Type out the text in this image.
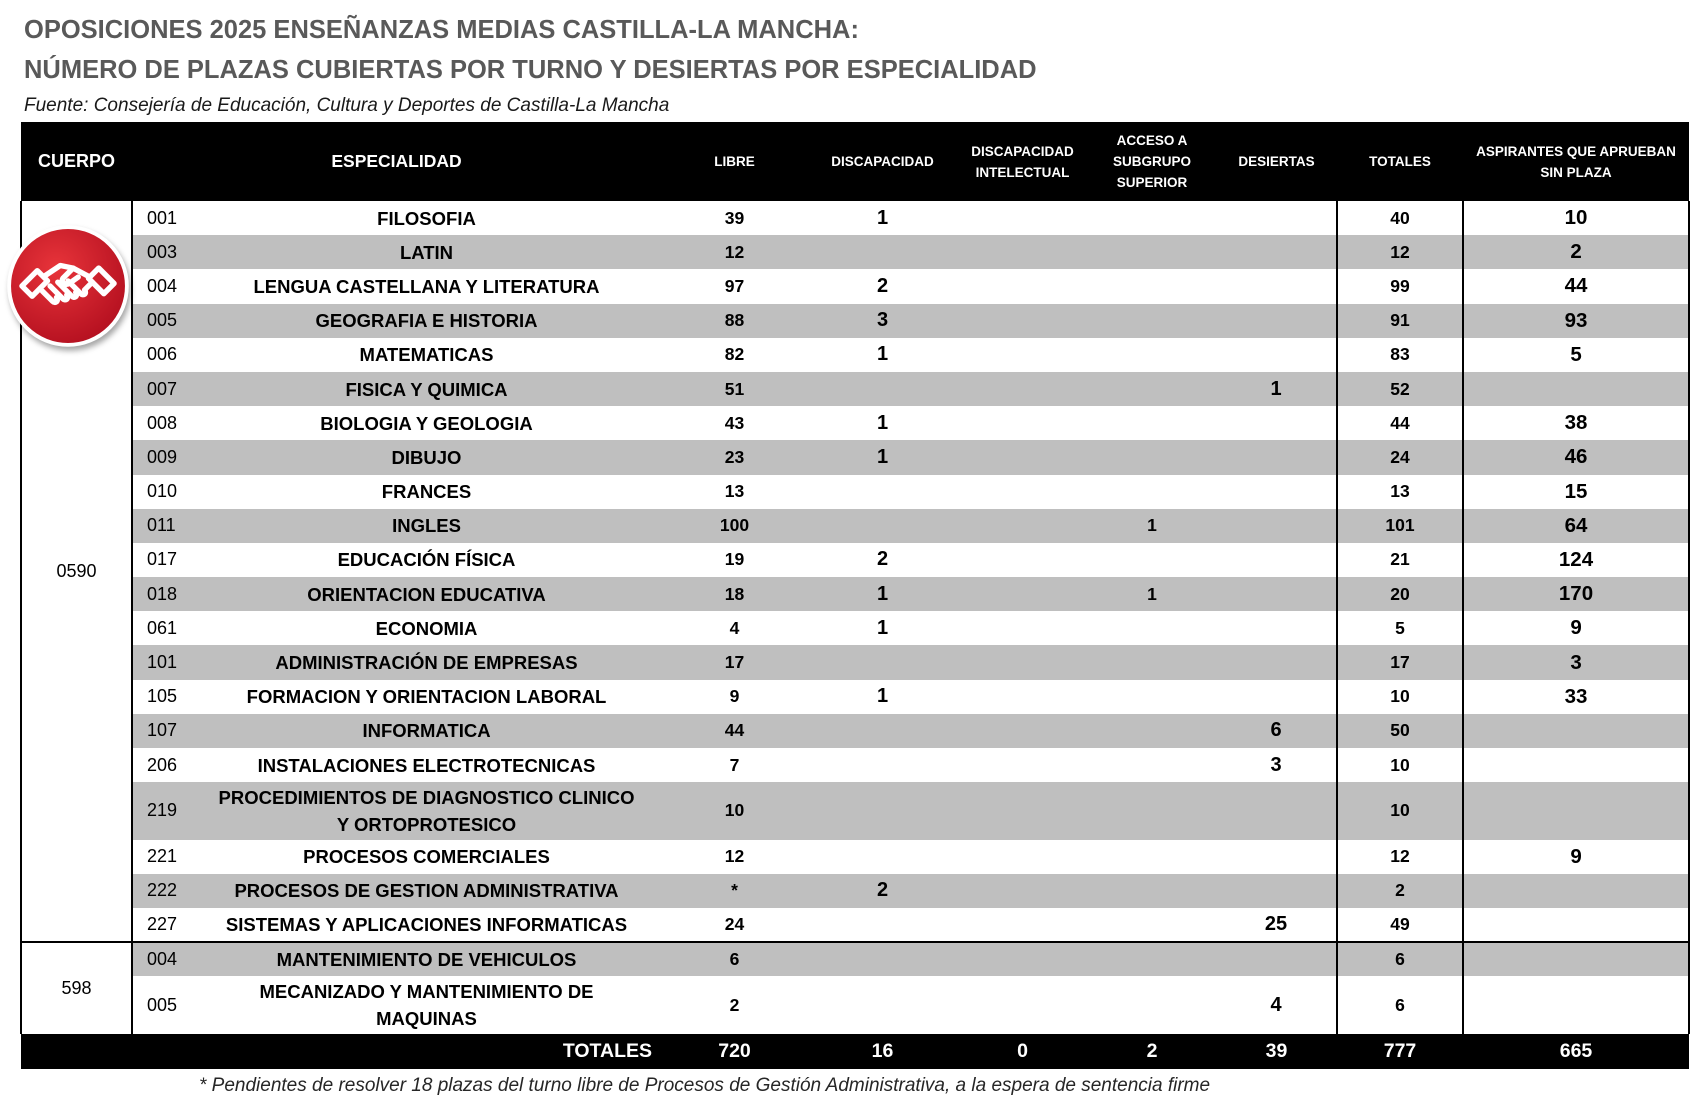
OPOSICIONES 2025 ENSEÑANZAS MEDIAS CASTILLA-LA MANCHA:
NÚMERO DE PLAZAS CUBIERTAS POR TURNO Y DESIERTAS POR ESPECIALIDAD
Fuente: Consejería de Educación, Cultura y Deportes de Castilla-La Mancha
CUERPO	ESPECIALIDAD		LIBRE	DISCAPACIDAD	DISCAPACIDAD
INTELECTUAL	ACCESO A
SUBGRUPO
SUPERIOR	DESIERTAS	TOTALES	ASPIRANTES QUE APRUEBAN
SIN PLAZA
0590	001	FILOSOFIA	39	1				40	10
	003	LATIN	12					12	2
	004	LENGUA CASTELLANA Y LITERATURA	97	2				99	44
	005	GEOGRAFIA E HISTORIA	88	3				91	93
	006	MATEMATICAS	82	1				83	5
	007	FISICA Y QUIMICA	51				1	52	
	008	BIOLOGIA Y GEOLOGIA	43	1				44	38
	009	DIBUJO	23	1				24	46
	010	FRANCES	13					13	15
	011	INGLES	100			1		101	64
	017	EDUCACIÓN FÍSICA	19	2				21	124
	018	ORIENTACION EDUCATIVA	18	1		1		20	170
	061	ECONOMIA	4	1				5	9
	101	ADMINISTRACIÓN DE EMPRESAS	17					17	3
	105	FORMACION Y ORIENTACION LABORAL	9	1				10	33
	107	INFORMATICA	44				6	50	
	206	INSTALACIONES ELECTROTECNICAS	7				3	10	
	219	PROCEDIMIENTOS DE DIAGNOSTICO CLINICO
Y ORTOPROTESICO	10					10	
	221	PROCESOS COMERCIALES	12					12	9
	222	PROCESOS DE GESTION ADMINISTRATIVA	*	2				2	
	227	SISTEMAS Y APLICACIONES INFORMATICAS	24				25	49	
598	004	MANTENIMIENTO DE VEHICULOS	6					6	
	005	MECANIZADO Y MANTENIMIENTO DE
MAQUINAS	2				4	6	
TOTALES			720	16	0	2	39	777	665
* Pendientes de resolver 18 plazas del turno libre de Procesos de Gestión Administrativa, a la espera de sentencia firme
